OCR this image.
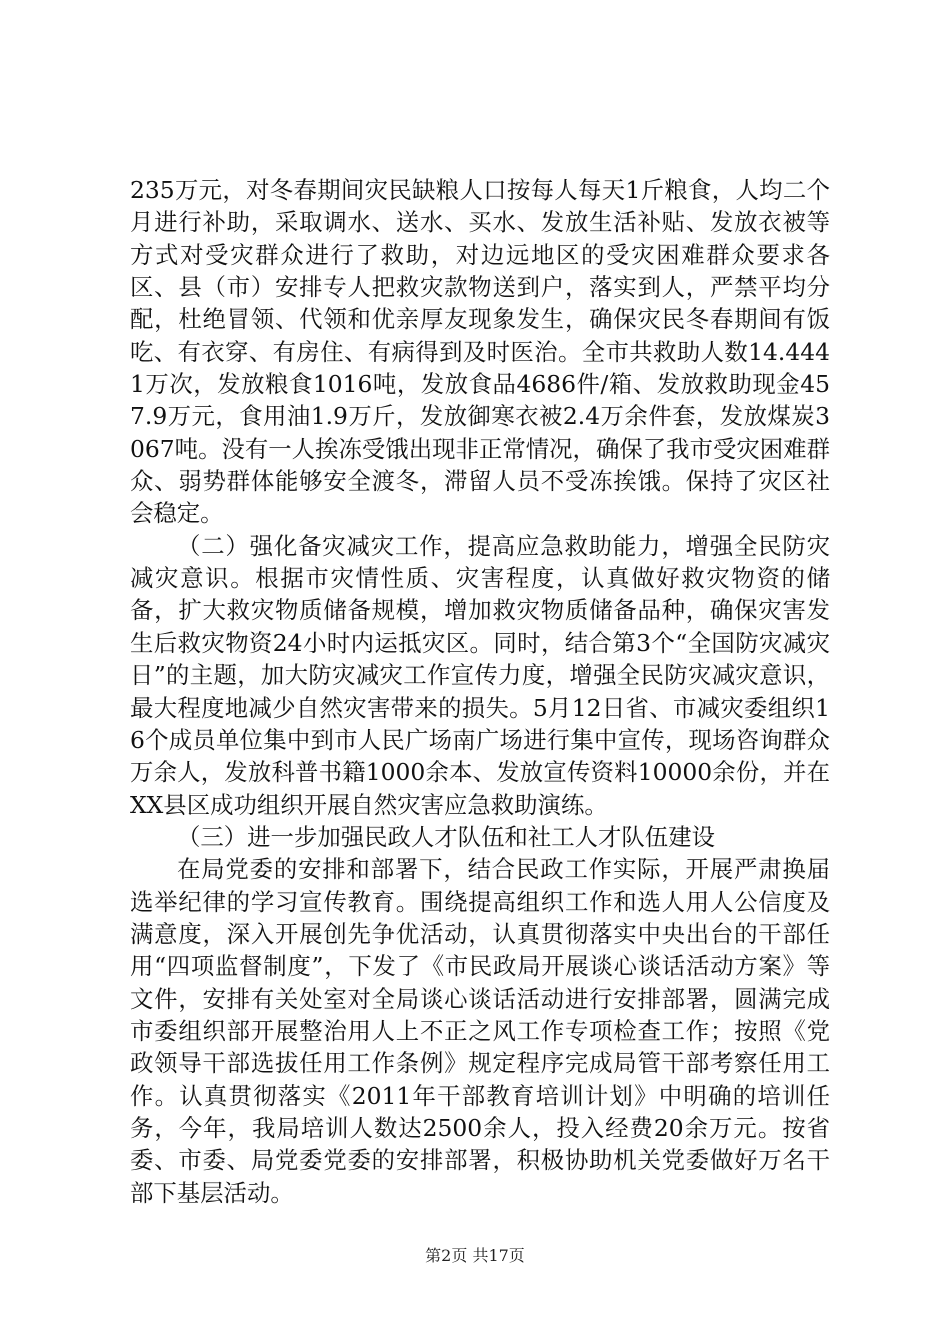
235万元，对冬春期间灾民缺粮人口按每人每天1斤粮食，人均二个月进行补助，采取调水、送水、买水、发放生活补贴、发放衣被等方式对受灾群众进行了救助，对边远地区的受灾困难群众要求各区、县（市）安排专人把救灾款物送到户，落实到人，严禁平均分配，杜绝冒领、代领和优亲厚友现象发生，确保灾民冬春期间有饭吃、有衣穿、有房住、有病得到及时医治。全市共救助人数14.4441万次，发放粮食1016吨，发放食品4686件/箱、发放救助现金457.9万元，食用油1.9万斤，发放御寒衣被2.4万余件套，发放煤炭3067吨。没有一人挨冻受饿出现非正常情况，确保了我市受灾困难群众、弱势群体能够安全渡冬，滞留人员不受冻挨饿。保持了灾区社会稳定。

（二）强化备灾减灾工作，提高应急救助能力，增强全民防灾减灾意识。根据市灾情性质、灾害程度，认真做好救灾物资的储备，扩大救灾物质储备规模，增加救灾物质储备品种，确保灾害发生后救灾物资24小时内运抵灾区。同时，结合第3个“全国防灾减灾日”的主题，加大防灾减灾工作宣传力度，增强全民防灾减灾意识，最大程度地减少自然灾害带来的损失。5月12日省、市减灾委组织16个成员单位集中到市人民广场南广场进行集中宣传，现场咨询群众万余人，发放科普书籍1000余本、发放宣传资料10000余份，并在XX县区成功组织开展自然灾害应急救助演练。

（三）进一步加强民政人才队伍和社工人才队伍建设

在局党委的安排和部署下，结合民政工作实际，开展严肃换届选举纪律的学习宣传教育。围绕提高组织工作和选人用人公信度及满意度，深入开展创先争优活动，认真贯彻落实中央出台的干部任用“四项监督制度”，下发了《市民政局开展谈心谈话活动方案》等文件，安排有关处室对全局谈心谈话活动进行安排部署，圆满完成市委组织部开展整治用人上不正之风工作专项检查工作；按照《党政领导干部选拔任用工作条例》规定程序完成局管干部考察任用工作。认真贯彻落实《2011年干部教育培训计划》中明确的培训任务，今年，我局培训人数达2500余人，投入经费20余万元。按省委、市委、局党委党委的安排部署，积极协助机关党委做好万名干部下基层活动。

第2页 共17页
